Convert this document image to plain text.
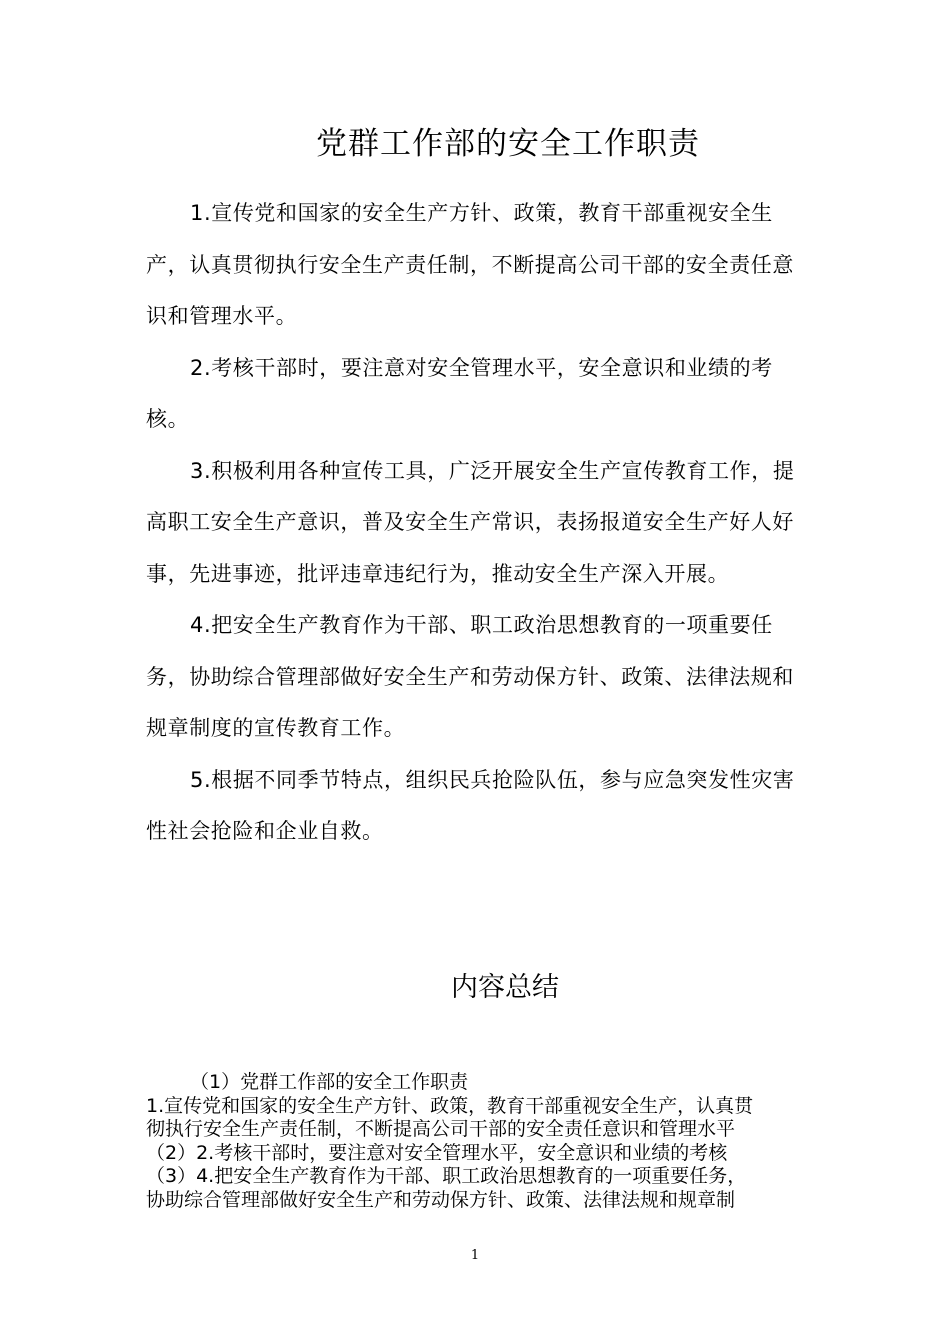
党群工作部的安全工作职责

1.宣传党和国家的安全生产方针、政策，教育干部重视安全生产，认真贯彻执行安全生产责任制，不断提高公司干部的安全责任意识和管理水平。

2.考核干部时，要注意对安全管理水平，安全意识和业绩的考核。

3.积极利用各种宣传工具，广泛开展安全生产宣传教育工作，提高职工安全生产意识，普及安全生产常识，表扬报道安全生产好人好事，先进事迹，批评违章违纪行为，推动安全生产深入开展。

4.把安全生产教育作为干部、职工政治思想教育的一项重要任务，协助综合管理部做好安全生产和劳动保方针、政策、法律法规和规章制度的宣传教育工作。

5.根据不同季节特点，组织民兵抢险队伍，参与应急突发性灾害性社会抢险和企业自救。

内容总结

（1）党群工作部的安全工作职责

1.宣传党和国家的安全生产方针、政策，教育干部重视安全生产，认真贯

彻执行安全生产责任制，不断提高公司干部的安全责任意识和管理水平

（2）2.考核干部时，要注意对安全管理水平，安全意识和业绩的考核

（3）4.把安全生产教育作为干部、职工政治思想教育的一项重要任务，

协助综合管理部做好安全生产和劳动保方针、政策、法律法规和规章制

1
